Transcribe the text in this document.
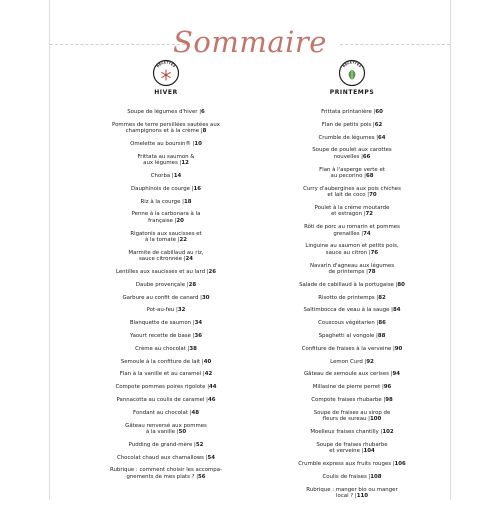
Sommaire
RECETTES
HIVER
Soupe de légumes d'hiver |6
Pommes de terre persillées sautées aux
champignons et à la crème |8
Omelette au boursin® |10
Frittata au saumon &
aux légumes |12
Chorba |14
Dauphinois de courge |16
Riz à la courge |18
Penne à la carbonara à la
française |20
Rigatonis aux saucisses et
à la tomate |22
Marmite de cabillaud au riz,
sauce citronnée |24
Lentilles aux saucisses et au lard |26
Daube provençale |28
Garbure au confit de canard |30
Pot-au-feu |32
Blanquette de saumon |34
Yaourt recette de base |36
Crème au chocolat |38
Semoule à la confiture de lait |40
Flan à la vanille et au caramel |42
Compote pommes poires rigolote |44
Pannacotta au coulis de caramel |46
Fondant au chocolat |48
Gâteau renversé aux pommes
à la vanille |50
Pudding de grand-mère |52
Chocolat chaud aux chamallows |54
Rubrique : comment choisir les accompa-
gnements de mes plats ? |56
RECETTES
PRINTEMPS
Frittata printanière |60
Flan de petits pois |62
Crumble de légumes |64
Soupe de poulet aux carottes
nouvelles |66
Flan à l'asperge verte et
au pecorino |68
Curry d'aubergines aux pois chiches
et lait de coco |70
Poulet à la crème moutarde
et estragon |72
Rôti de porc au romarin et pommes
grenailles |74
Linguine au saumon et petits pois,
sauce au citron |76
Navarin d'agneau aux légumes
de printemps |78
Salade de cabillaud à la portugaise |80
Risotto de printemps |82
Saltimbocca de veau à la sauge |84
Couscous végétarien |86
Spaghetti al vongole |88
Confiture de fraises à la verveine |90
Lemon Curd |92
Gâteau de semoule aux cerises |94
Millasine de pierre perret |96
Compote fraises rhubarbe |98
Soupe de fraises au sirop de
fleurs de sureau |100
Moelleux fraises chantilly |102
Soupe de fraises rhubarbe
et verveine |104
Crumble express aux fruits rouges |106
Coulis de fraises |108
Rubrique : manger bio ou manger
local ? |110
